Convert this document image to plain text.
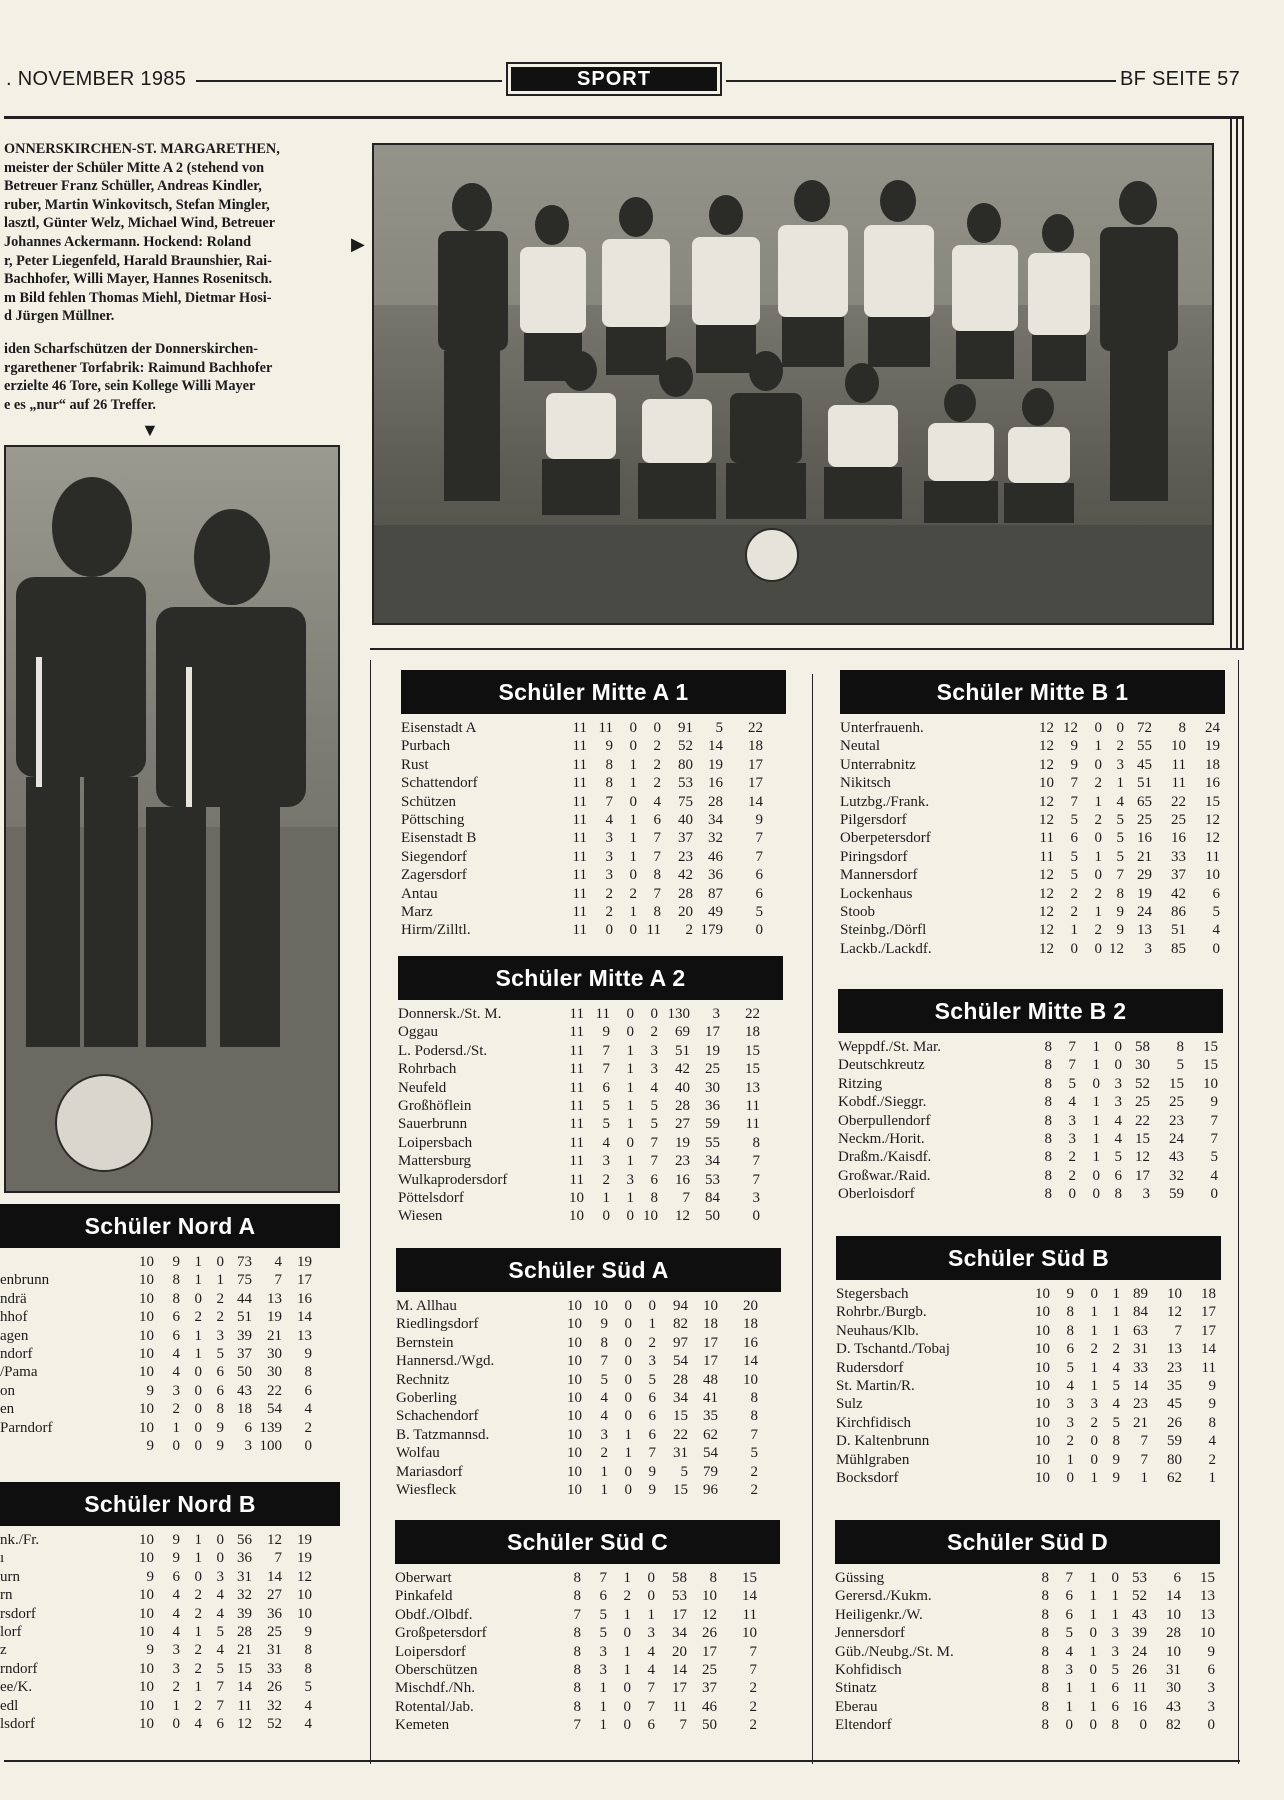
. NOVEMBER 1985	SPORT	BF SEITE 57
ONNERSKIRCHEN-ST. MARGARETHEN,
meister der Schüler Mitte A 2 (stehend von
Betreuer Franz Schüller, Andreas Kindler,
ruber, Martin Winkovitsch, Stefan Mingler,
lasztl, Günter Welz, Michael Wind, Betreuer
Johannes Ackermann. Hockend: Roland
r, Peter Liegenfeld, Harald Braunshier, Rai-
Bachhofer, Willi Mayer, Hannes Rosenitsch.
m Bild fehlen Thomas Miehl, Dietmar Hosi-
d Jürgen Müllner.
▶
iden Scharfschützen der Donnerskirchen-
rgarethener Torfabrik: Raimund Bachhofer
erzielte 46 Tore, sein Kollege Willi Mayer
e es „nur“ auf 26 Treffer.
▼
Schüler Nord A
10	9 1 0 73	4	19
enbrunn	10	8 1 1 75	7	17
ndrä	10	8 0 2 44	13	16
hhof	10	6 2 2 51	19	14
agen	10	6 1 3 39	21	13
ndorf	10	4 1 5 37	30	9
/Pama	10	4 0 6 50	30	8
on	9	3 0 6 43	22	6
en	10	2 0 8 18	54	4
Parndorf	10	1 0 9	6 139	2
9	0 0 9	3 100	0
Schüler Nord B
nk./Fr.	10	9 1 0 56	12	19
ı	10	9 1 0 36	7	19
urn	9	6 0 3 31	14	12
rn	10	4 2 4 32	27	10
rsdorf	10	4 2 4 39	36	10
lorf	10	4 1 5 28	25	9
z	9	3 2 4 21	31	8
rndorf	10	3 2 5 15	33	8
ee/K.	10	2 1 7 14	26	5
edl	10	1 2 7 11	32	4
lsdorf	10	0 4 6 12	52	4
Schüler Mitte A 1
Eisenstadt A	11 11	0	0	91	5	22
Purbach	11	9	0	2	52	14	18
Rust	11	8	1	2	80	19	17
Schattendorf	11	8	1	2	53	16	17
Schützen	11	7	0	4	75	28	14
Pöttsching	11	4	1	6	40	34	9
Eisenstadt B	11	3	1	7	37	32	7
Siegendorf	11	3	1	7	23	46	7
Zagersdorf	11	3	0	8	42	36	6
Antau	11	2	2	7	28	87	6
Marz	11	2	1	8	20	49	5
Hirm/Zilltl.	11	0	0 11	2 179	0
Schüler Mitte A 2
Donnersk./St. M.	11 11	0	0 130	3	22
Oggau	11	9	0	2	69	17	18
L. Podersd./St.	11	7	1	3	51	19	15
Rohrbach	11	7	1	3	42	25	15
Neufeld	11	6	1	4	40	30	13
Großhöflein	11	5	1	5	28	36	11
Sauerbrunn	11	5	1	5	27	59	11
Loipersbach	11	4	0	7	19	55	8
Mattersburg	11	3	1	7	23	34	7
Wulkaprodersdorf	11	2	3	6	16	53	7
Pöttelsdorf	10	1	1	8	7	84	3
Wiesen	10	0	0 10	12	50	0
Schüler Süd A
M. Allhau	10 10	0	0	94	10	20
Riedlingsdorf	10	9	0	1	82	18	18
Bernstein	10	8	0	2	97	17	16
Hannersd./Wgd.	10	7	0	3	54	17	14
Rechnitz	10	5	0	5	28	48	10
Goberling	10	4	0	6	34	41	8
Schachendorf	10	4	0	6	15	35	8
B. Tatzmannsd.	10	3	1	6	22	62	7
Wolfau	10	2	1	7	31	54	5
Mariasdorf	10	1	0	9	5	79	2
Wiesfleck	10	1	0	9	15	96	2
Schüler Süd C
Oberwart	8	7	1	0	58	8	15
Pinkafeld	8	6	2	0	53	10	14
Obdf./Olbdf.	7	5	1	1	17	12	11
Großpetersdorf	8	5	0	3	34	26	10
Loipersdorf	8	3	1	4	20	17	7
Oberschützen	8	3	1	4	14	25	7
Mischdf./Nh.	8	1	0	7	17	37	2
Rotental/Jab.	8	1	0	7	11	46	2
Kemeten	7	1	0	6	7	50	2
Schüler Mitte B 1
Unterfrauenh.	12 12	0 0 72	8	24
Neutal	12	9	1 2 55	10	19
Unterrabnitz	12	9	0 3 45	11	18
Nikitsch	10	7	2 1 51	11	16
Lutzbg./Frank.	12	7	1 4 65	22	15
Pilgersdorf	12	5	2 5 25	25	12
Oberpetersdorf	11	6	0 5 16	16	12
Piringsdorf	11	5	1 5 21	33	11
Mannersdorf	12	5	0 7 29	37	10
Lockenhaus	12	2	2 8 19	42	6
Stoob	12	2	1 9 24	86	5
Steinbg./Dörfl	12	1	2 9 13	51	4
Lackb./Lackdf.	12	0	0 12	3	85	0
Schüler Mitte B 2
Weppdf./St. Mar.	8	7	1 0 58	8	15
Deutschkreutz	8	7	1 0 30	5	15
Ritzing	8	5	0 3 52	15	10
Kobdf./Sieggr.	8	4	1 3 25	25	9
Oberpullendorf	8	3	1 4 22	23	7
Neckm./Horit.	8	3	1 4 15	24	7
Draßm./Kaisdf.	8	2	1 5 12	43	5
Großwar./Raid.	8	2	0 6 17	32	4
Oberloisdorf	8	0	0 8	3	59	0
Schüler Süd B
Stegersbach	10	9	0 1 89	10	18
Rohrbr./Burgb.	10	8	1 1 84	12	17
Neuhaus/Klb.	10	8	1 1 63	7	17
D. Tschantd./Tobaj	10	6	2 2 31	13	14
Rudersdorf	10	5	1 4 33	23	11
St. Martin/R.	10	4	1 5 14	35	9
Sulz	10	3	3 4 23	45	9
Kirchfidisch	10	3	2 5 21	26	8
D. Kaltenbrunn	10	2	0 8	7	59	4
Mühlgraben	10	1	0 9	7	80	2
Bocksdorf	10	0	1 9	1	62	1
Schüler Süd D
Güssing	8	7	1 0 53	6	15
Gerersd./Kukm.	8	6	1 1 52	14	13
Heiligenkr./W.	8	6	1 1 43	10	13
Jennersdorf	8	5	0 3 39	28	10
Güb./Neubg./St. M.	8	4	1 3 24	10	9
Kohfidisch	8	3	0 5 26	31	6
Stinatz	8	1	1 6 11	30	3
Eberau	8	1	1 6 16	43	3
Eltendorf	8	0	0 8	0	82	0
